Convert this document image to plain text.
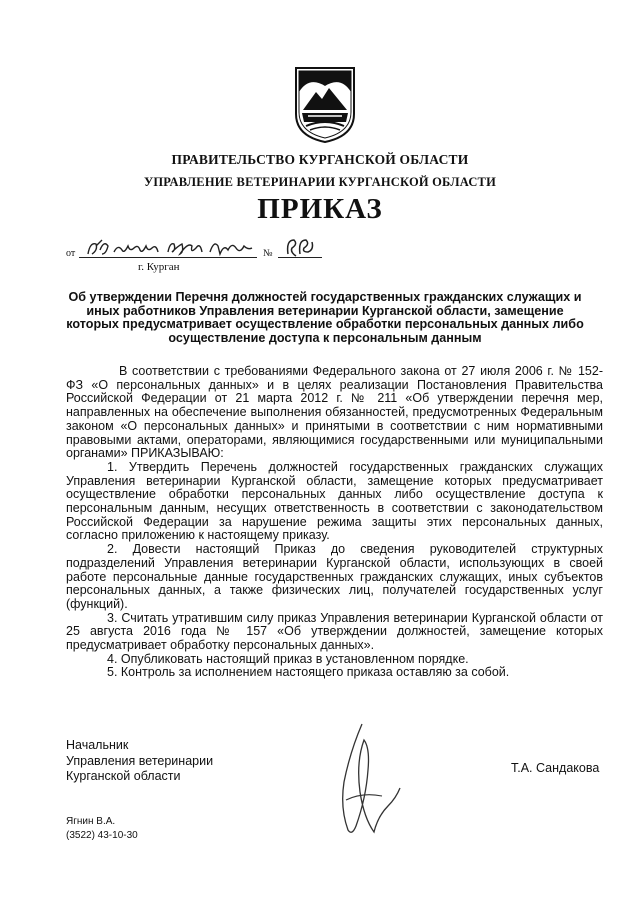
ПРАВИТЕЛЬСТВО КУРГАНСКОЙ ОБЛАСТИ
УПРАВЛЕНИЕ ВЕТЕРИНАРИИ КУРГАНСКОЙ ОБЛАСТИ
ПРИКАЗ
от	№
г. Курган
Об утверждении Перечня должностей государственных гражданских служащих и иных работников Управления ветеринарии Курганской области, замещение которых предусматривает осуществление обработки персональных данных либо осуществление доступа к персональным данным

В соответствии с требованиями Федерального закона от 27 июля 2006 г. № 152-ФЗ «О персональных данных» и в целях реализации Постановления Правительства Российской Федерации от 21 марта 2012 г. № 211 «Об утверждении перечня мер, направленных на обеспечение выполнения обязанностей, предусмотренных Федеральным законом «О персональных данных» и принятыми в соответствии с ним нормативными правовыми актами, операторами, являющимися государственными или муниципальными органами» ПРИКАЗЫВАЮ:

1. Утвердить Перечень должностей государственных гражданских служащих Управления ветеринарии Курганской области, замещение которых предусматривает осуществление обработки персональных данных либо осуществление доступа к персональным данным, несущих ответственность в соответствии с законодательством Российской Федерации за нарушение режима защиты этих персональных данных, согласно приложению к настоящему приказу.

2. Довести настоящий Приказ до сведения руководителей структурных подразделений Управления ветеринарии Курганской области, использующих в своей работе персональные данные государственных гражданских служащих, иных субъектов персональных данных, а также физических лиц, получателей государственных услуг (функций).

3. Считать утратившим силу приказ Управления ветеринарии Курганской области от 25 августа 2016 года № 157 «Об утверждении должностей, замещение которых предусматривает обработку персональных данных».

4. Опубликовать настоящий приказ в установленном порядке.

5. Контроль за исполнением настоящего приказа оставляю за собой.

Начальник
Управления ветеринарии
Курганской области
Т.А. Сандакова
Ягнин В.А.
(3522) 43-10-30
